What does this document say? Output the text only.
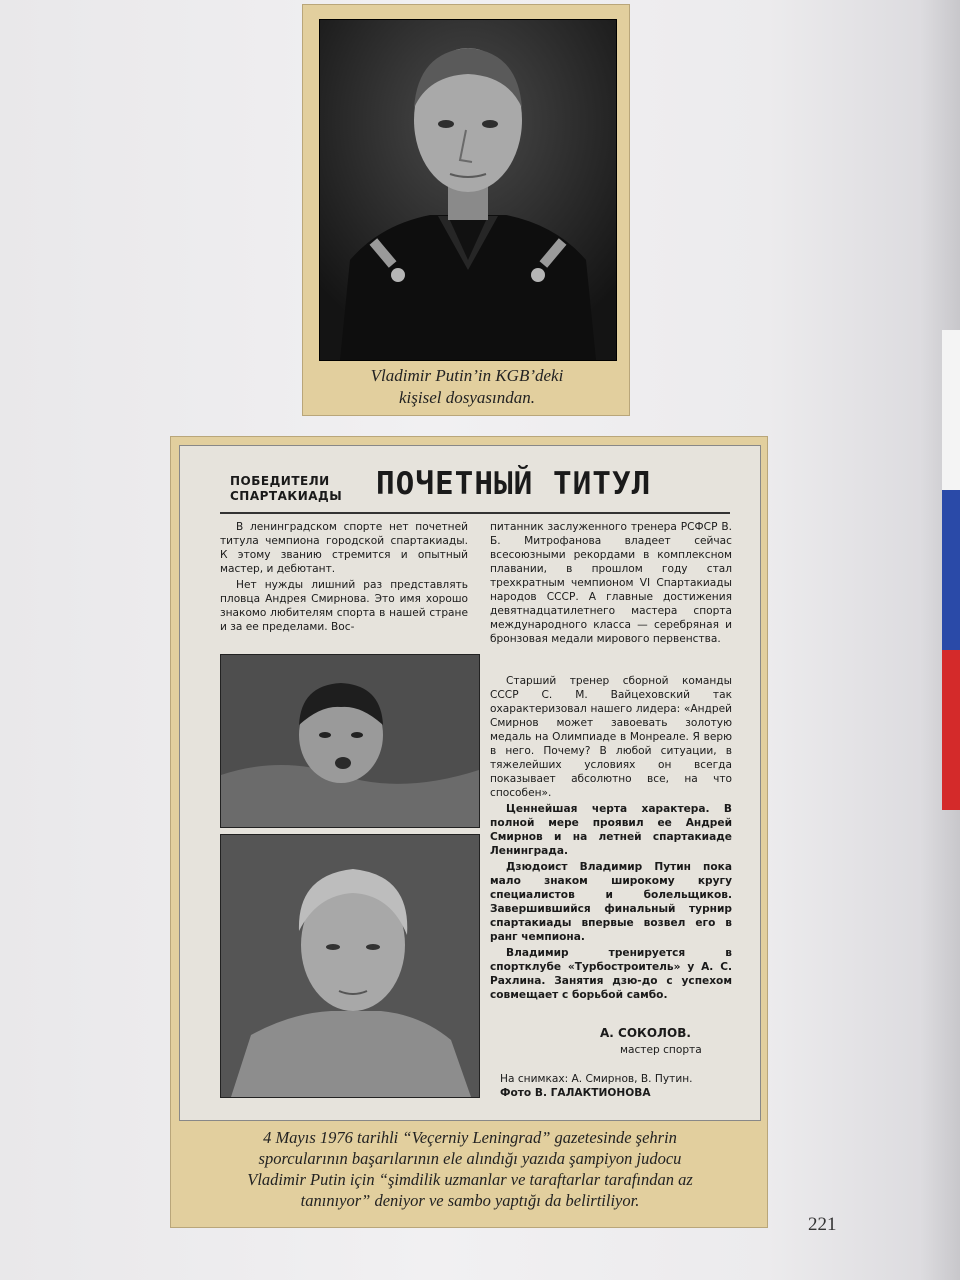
Vladimir Putin’in KGB’deki
kişisel dosyasından.
ПОБЕДИТЕЛИ
СПАРТАКИАДЫ ПОЧЕТНЫЙ ТИТУЛ

В ленинградском спорте нет почетней титула чемпиона городской спартакиады. К этому званию стремится и опытный мастер, и дебютант.

Нет нужды лишний раз представлять пловца Андрея Смирнова. Это имя хорошо знакомо любителям спорта в нашей стране и за ее пределами. Вос-

питанник заслуженного тренера РСФСР В. Б. Митрофанова владеет сейчас всесоюзными рекордами в комплексном плавании, в прошлом году стал трехкратным чемпионом VI Спартакиады народов СССР. А главные достижения девятнадцатилетнего мастера спорта международного класса — серебряная и бронзовая медали мирового первенства.

Старший тренер сборной команды СССР С. М. Вайцеховский так охарактеризовал нашего лидера: «Андрей Смирнов может завоевать золотую медаль на Олимпиаде в Монреале. Я верю в него. Почему? В любой ситуации, в тяжелейших условиях он всегда показывает абсолютно все, на что способен».

Ценнейшая черта характера. В полной мере проявил ее Андрей Смирнов и на летней спартакиаде Ленинграда.

Дзюдоист Владимир Путин пока мало знаком широкому кругу специалистов и болельщиков. Завершившийся финальный турнир спартакиады впервые возвел его в ранг чемпиона.

Владимир тренируется в спортклубе «Турбостроитель» у А. С. Рахлина. Занятия дзю-до с успехом совмещает с борьбой самбо.

А. СОКОЛОВ.
мастер спорта
На снимках: А. Смирнов, В. Путин.
Фото В. ГАЛАКТИОНОВА
4 Mayıs 1976 tarihli “Veçerniy Leningrad” gazetesinde şehrin
sporcularının başarılarının ele alındığı yazıda şampiyon judocu
Vladimir Putin için “şimdilik uzmanlar ve taraftarlar tarafından az
tanınıyor” deniyor ve sambo yaptığı da belirtiliyor.
221
